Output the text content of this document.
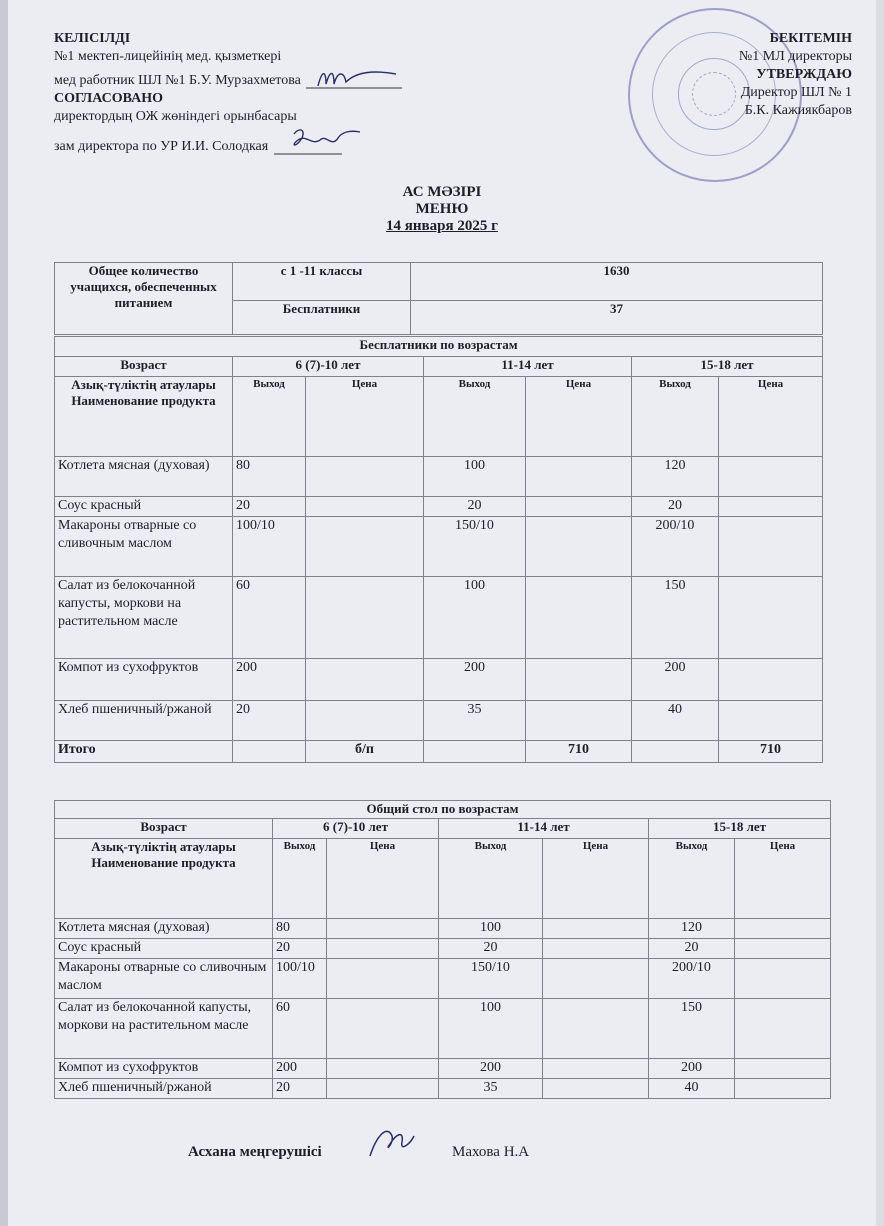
КЕЛІСІЛДІ
№1 мектеп-лицейінің мед. қызметкері
мед работник ШЛ №1 Б.У. Мурзахметова
СОГЛАСОВАНО
директордың ОЖ жөніндегі орынбасары
зам директора по УР И.И. Солодкая
БЕКІТЕМІН
№1 МЛ директоры
УТВЕРЖДАЮ
Директор ШЛ № 1
Б.К. Кажиякбаров
АС МӘЗІРІ
МЕНЮ
14 января 2025 г
Общее количество учащихся, обеспеченных питанием	с 1 -11 классы	1630
	Бесплатники	37
Бесплатники по возрастам						
Возраст	6 (7)-10 лет		11-14 лет		15-18 лет	
Азық-түліктің атаулары Наименование продукта	Выход	Цена	Выход	Цена	Выход	Цена
Котлета мясная (духовая)	80		100		120	
Соус красный	20		20		20	
Макароны отварные со сливочным маслом	100/10		150/10		200/10	
Салат из белокочанной капусты, моркови на растительном масле	60		100		150	
Компот из сухофруктов	200		200		200	
Хлеб пшеничный/ржаной	20		35		40	
Итого		б/п		710		710
Общий стол по возрастам						
Возраст	6 (7)-10 лет		11-14 лет		15-18 лет	
Азық-түліктің атаулары Наименование продукта	Выход	Цена	Выход	Цена	Выход	Цена
Котлета мясная (духовая)	80		100		120	
Соус красный	20		20		20	
Макароны отварные со сливочным маслом	100/10		150/10		200/10	
Салат из белокочанной капусты, моркови на растительном масле	60		100		150	
Компот из сухофруктов	200		200		200	
Хлеб пшеничный/ржаной	20		35		40	
Асхана меңгерушісі	Махова Н.А
